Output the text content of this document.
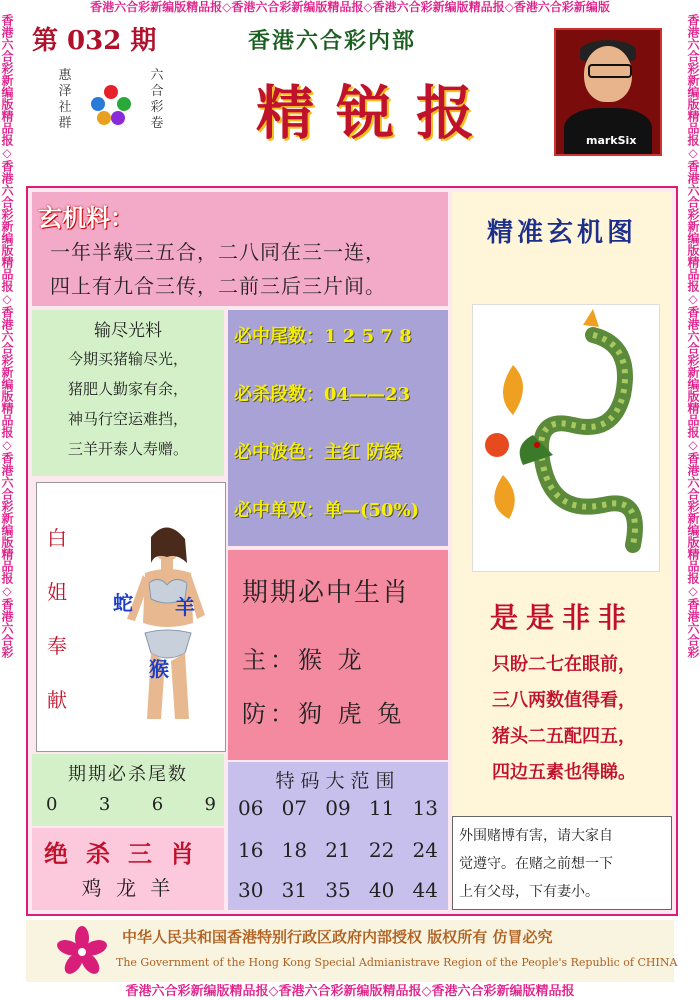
香港六合彩新编版精品报◇香港六合彩新编版精品报◇香港六合彩新编版精品报◇香港六合彩新编版
香港六合彩新编版精品报◇香港六合彩新编版精品报◇香港六合彩新编版精品报◇香港六合彩新编版精品报◇香港六合彩	香港六合彩新编版精品报◇香港六合彩新编版精品报◇香港六合彩新编版精品报◇香港六合彩新编版精品报◇香港六合彩
香港六合彩新编版精品报◇香港六合彩新编版精品报◇香港六合彩新编版精品报
第 032 期
惠泽社群
六合彩卷
香港六合彩内部
精锐报	markSix
玄机料：
一年半载三五合，二八同在三一连，
四上有九合三传，二前三后三片间。
输尽光料
今期买猪输尽光，
猪肥人勤家有余，
神马行空运难挡，
三羊开泰人寿赠。
必中尾数：1 2 5 7 8
必杀段数：04——23
必中波色：主红 防绿
必中单双：单—(50%)
白
姐
奉
献
蛇 羊
猴
期期必中生肖
主：猴 龙
防：狗 虎 兔
期期必杀尾数
0 3 6 9
绝杀三肖
鸡 龙 羊
特码大范围
06 07 09 11 13
16 18 21 22 24
30 31 35 40 44
精准玄机图
是是非非
只盼二七在眼前，
三八两数值得看，
猪头二五配四五，
四边五素也得睇。
外围赌博有害，请大家自
觉遵守。在赌之前想一下
上有父母，下有妻小。
中华人民共和国香港特别行政区政府内部授权 版权所有 仿冒必究
The Government of the Hong Kong Special Admianistrave Region of the People's Republic of CHINA
